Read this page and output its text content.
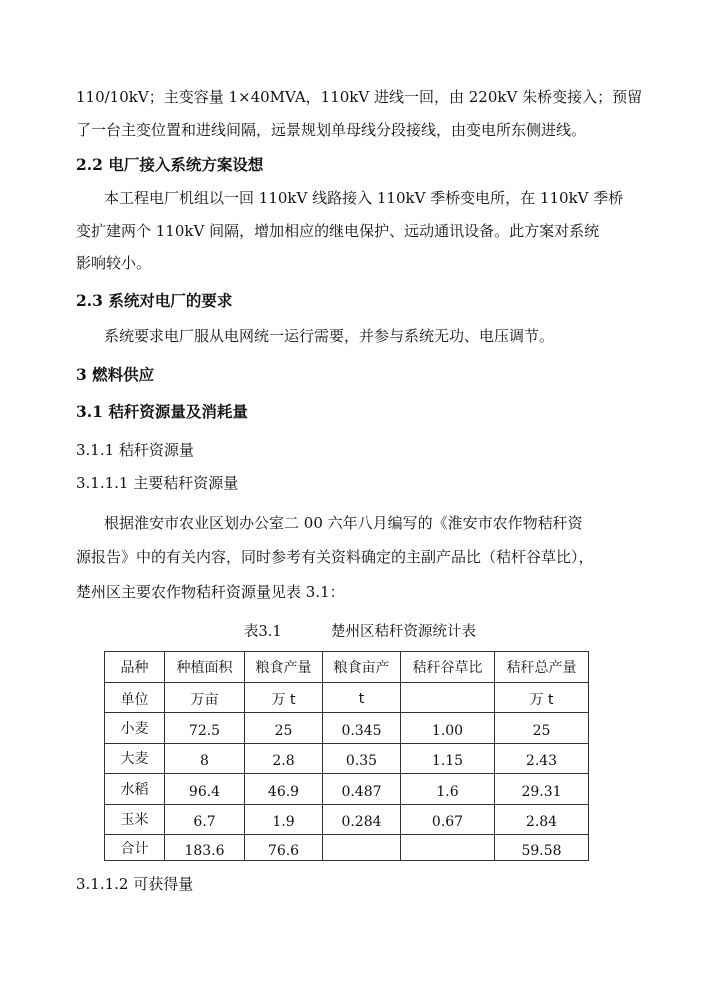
110/10kV；主变容量 1×40MVA，110kV 进线一回，由 220kV 朱桥变接入；预留
了一台主变位置和进线间隔，远景规划单母线分段接线，由变电所东侧进线。
2.2 电厂接入系统方案设想
本工程电厂机组以一回 110kV 线路接入 110kV 季桥变电所，在 110kV 季桥
变扩建两个 110kV 间隔，增加相应的继电保护、远动通讯设备。此方案对系统
影响较小。
2.3 系统对电厂的要求
系统要求电厂服从电网统一运行需要，并参与系统无功、电压调节。
3 燃料供应
3.1 秸秆资源量及消耗量
3.1.1 秸秆资源量
3.1.1.1 主要秸秆资源量
根据淮安市农业区划办公室二 00 六年八月编写的《淮安市农作物秸秆资
源报告》中的有关内容，同时参考有关资料确定的主副产品比（秸杆谷草比），
楚州区主要农作物秸秆资源量见表 3.1：
表3.1	楚州区秸秆资源统计表
品种	种植面积	粮食产量	粮食亩产	秸秆谷草比	秸秆总产量
单位	万亩	万 t	t		万 t
小麦	72.5	25	0.345	1.00	25
大麦	8	2.8	0.35	1.15	2.43
水稻	96.4	46.9	0.487	1.6	29.31
玉米	6.7	1.9	0.284	0.67	2.84
合计	183.6	76.6			59.58
3.1.1.2 可获得量
